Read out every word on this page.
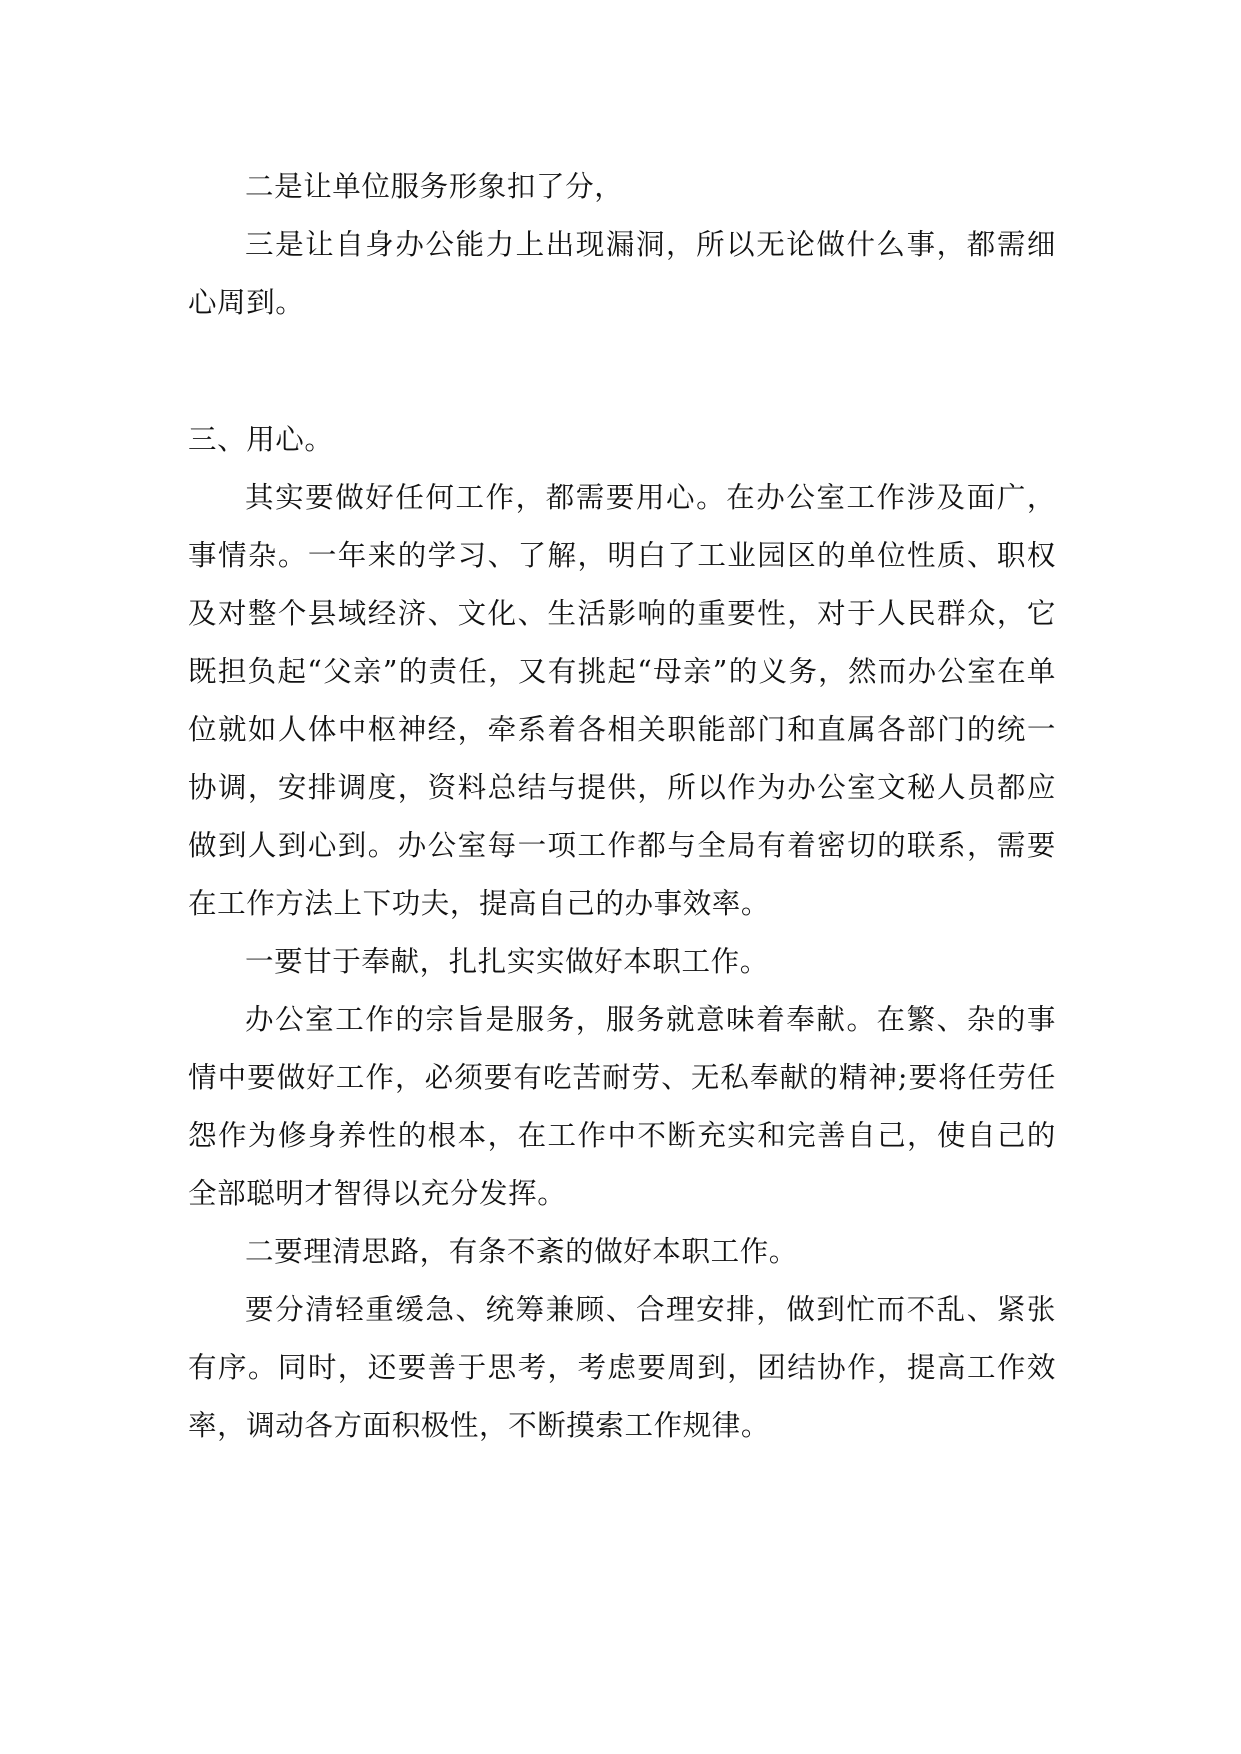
二是让单位服务形象扣了分，

三是让自身办公能力上出现漏洞，所以无论做什么事，都需细心周到。

三、用心。

其实要做好任何工作，都需要用心。在办公室工作涉及面广，事情杂。一年来的学习、了解，明白了工业园区的单位性质、职权及对整个县域经济、文化、生活影响的重要性，对于人民群众，它既担负起“父亲”的责任，又有挑起“母亲”的义务，然而办公室在单位就如人体中枢神经，牵系着各相关职能部门和直属各部门的统一协调，安排调度，资料总结与提供，所以作为办公室文秘人员都应做到人到心到。办公室每一项工作都与全局有着密切的联系，需要在工作方法上下功夫，提高自己的办事效率。

一要甘于奉献，扎扎实实做好本职工作。

办公室工作的宗旨是服务，服务就意味着奉献。在繁、杂的事情中要做好工作，必须要有吃苦耐劳、无私奉献的精神;要将任劳任怨作为修身养性的根本，在工作中不断充实和完善自己，使自己的全部聪明才智得以充分发挥。

二要理清思路，有条不紊的做好本职工作。

要分清轻重缓急、统筹兼顾、合理安排，做到忙而不乱、紧张有序。同时，还要善于思考，考虑要周到，团结协作，提高工作效率，调动各方面积极性，不断摸索工作规律。
